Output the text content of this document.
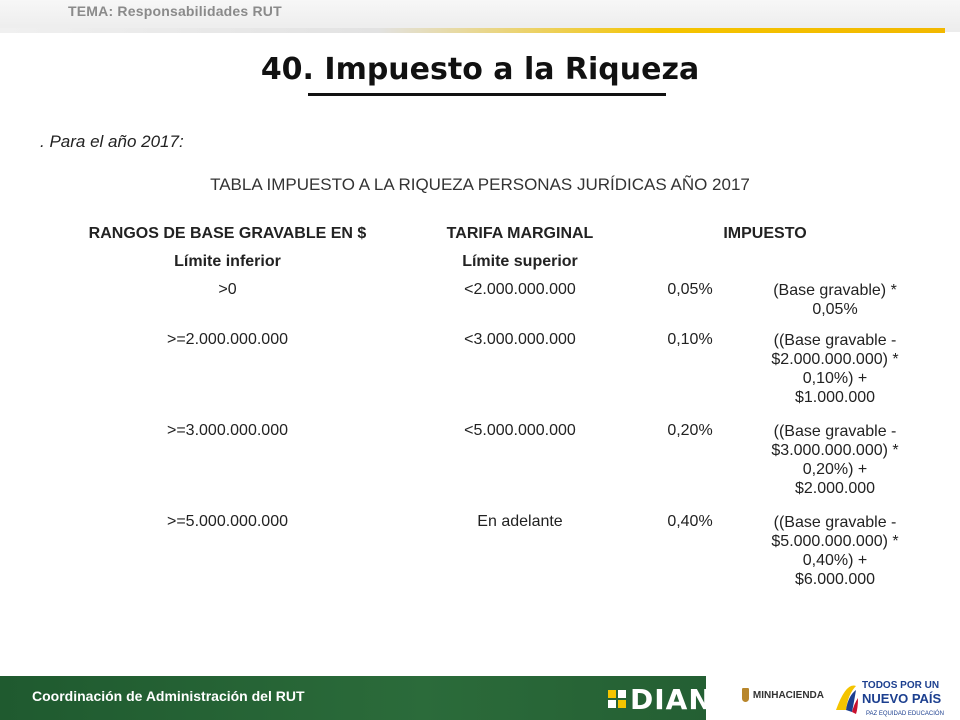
TEMA: Responsabilidades RUT
40. Impuesto a la Riqueza
. Para el año 2017:
TABLA IMPUESTO A LA RIQUEZA PERSONAS JURÍDICAS AÑO 2017
RANGOS DE BASE GRAVABLE EN $	TARIFA MARGINAL	IMPUESTO
Límite inferior	Límite superior
>0	<2.000.000.000	0,05%	(Base gravable) *
0,05%
>=2.000.000.000	<3.000.000.000	0,10%	((Base gravable -
$2.000.000.000) *
0,10%) +
$1.000.000
>=3.000.000.000	<5.000.000.000	0,20%	((Base gravable -
$3.000.000.000) *
0,20%) +
$2.000.000
>=5.000.000.000	En adelante	0,40%	((Base gravable -
$5.000.000.000) *
0,40%) +
$6.000.000
Coordinación de Administración del RUT	DIAN	MINHACIENDA
TODOS POR UN
NUEVO PAÍS
PAZ EQUIDAD EDUCACIÓN
